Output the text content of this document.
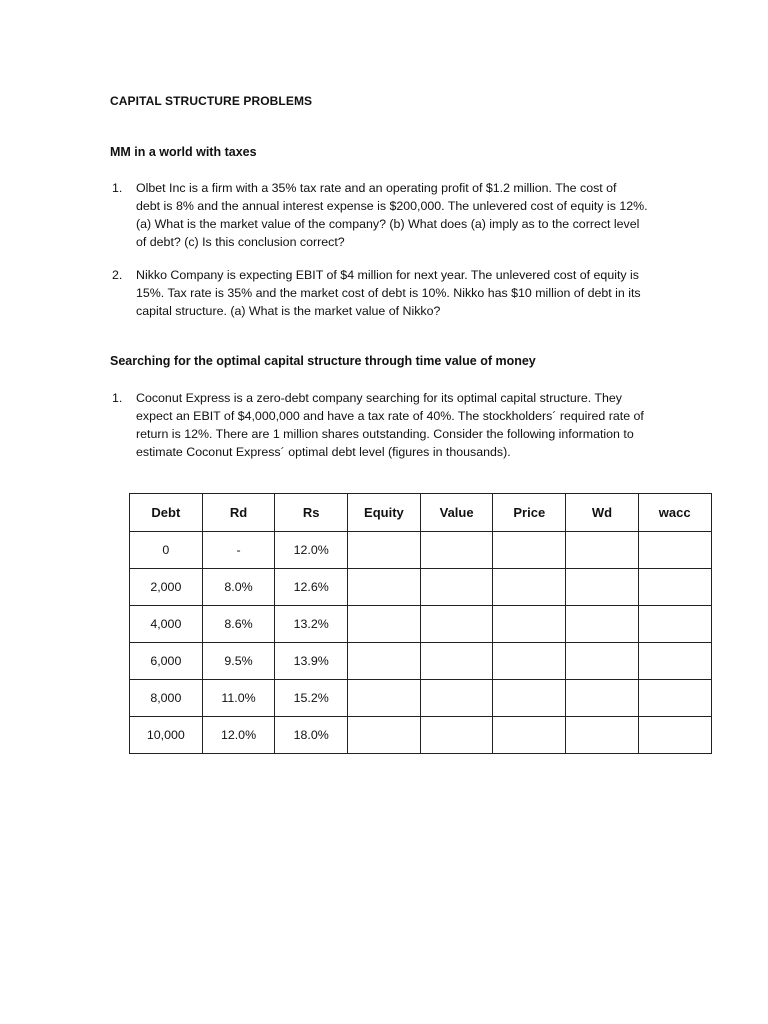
CAPITAL STRUCTURE PROBLEMS
MM in a world with taxes
1.	Olbet Inc is a firm with a 35% tax rate and an operating profit of $1.2 million. The cost of
debt is 8% and the annual interest expense is $200,000. The unlevered cost of equity is 12%.
(a) What is the market value of the company? (b) What does (a) imply as to the correct level
of debt? (c) Is this conclusion correct?
2.	Nikko Company is expecting EBIT of $4 million for next year. The unlevered cost of equity is
15%. Tax rate is 35% and the market cost of debt is 10%. Nikko has $10 million of debt in its
capital structure. (a) What is the market value of Nikko?
Searching for the optimal capital structure through time value of money
1.	Coconut Express is a zero-debt company searching for its optimal capital structure. They
expect an EBIT of $4,000,000 and have a tax rate of 40%. The stockholders´ required rate of
return is 12%. There are 1 million shares outstanding. Consider the following information to
estimate Coconut Express´ optimal debt level (figures in thousands).
Debt	Rd	Rs	Equity	Value	Price	Wd	wacc
0	-	12.0%					
2,000	8.0%	12.6%					
4,000	8.6%	13.2%					
6,000	9.5%	13.9%					
8,000	11.0%	15.2%					
10,000	12.0%	18.0%					
